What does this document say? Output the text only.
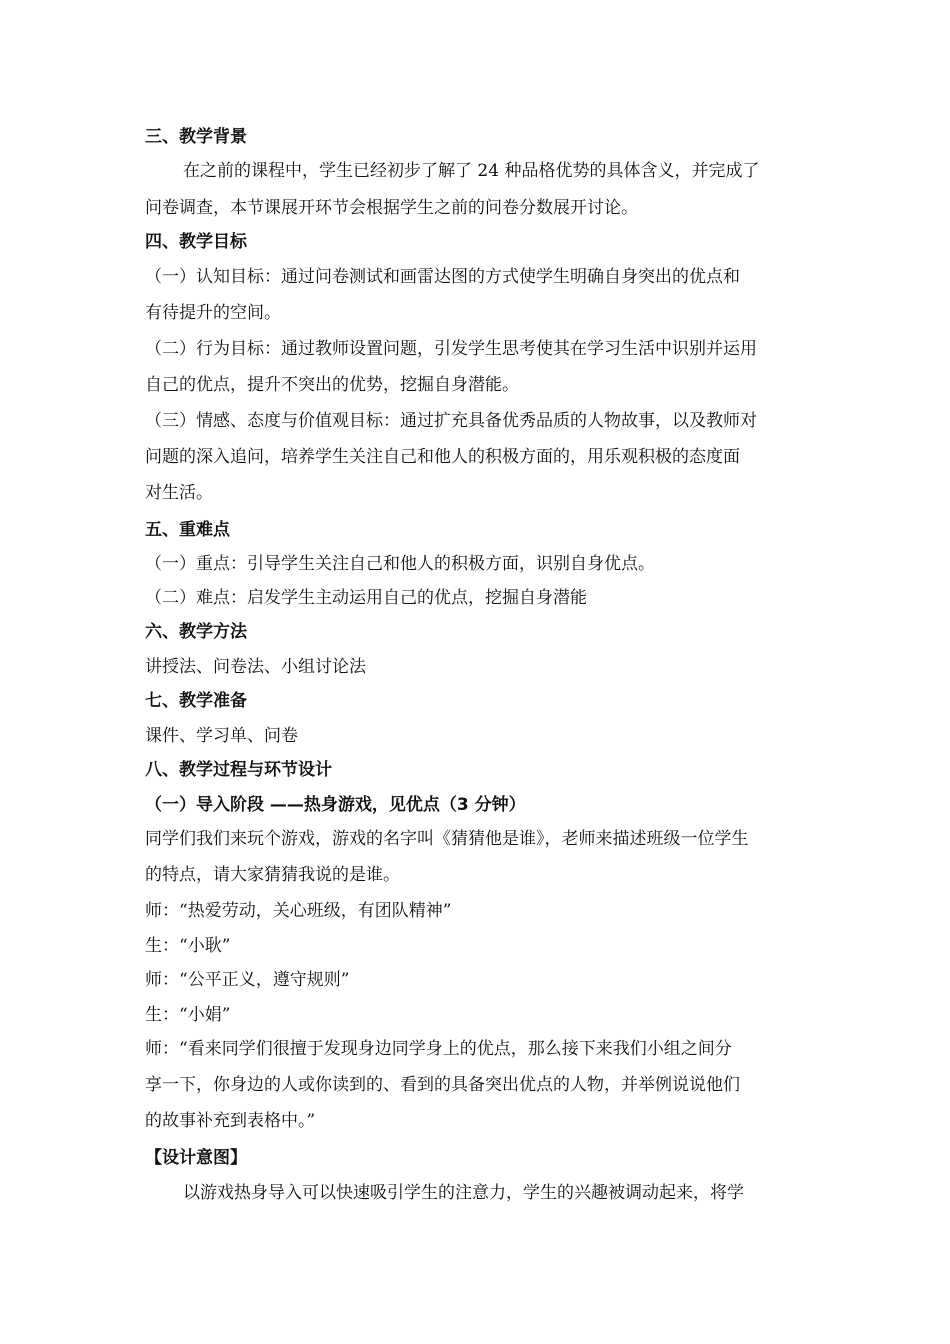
三、教学背景
在之前的课程中，学生已经初步了解了 24 种品格优势的具体含义，并完成了
问卷调查，本节课展开环节会根据学生之前的问卷分数展开讨论。
四、教学目标
（一）认知目标：通过问卷测试和画雷达图的方式使学生明确自身突出的优点和
有待提升的空间。
（二）行为目标：通过教师设置问题，引发学生思考使其在学习生活中识别并运用
自己的优点，提升不突出的优势，挖掘自身潜能。
（三）情感、态度与价值观目标：通过扩充具备优秀品质的人物故事，以及教师对
问题的深入追问，培养学生关注自己和他人的积极方面的，用乐观积极的态度面
对生活。
五、重难点
（一）重点：引导学生关注自己和他人的积极方面，识别自身优点。
（二）难点：启发学生主动运用自己的优点，挖掘自身潜能
六、教学方法
讲授法、问卷法、小组讨论法
七、教学准备
课件、学习单、问卷
八、教学过程与环节设计
（一）导入阶段 ——热身游戏，见优点（3 分钟）
同学们我们来玩个游戏，游戏的名字叫《猜猜他是谁》，老师来描述班级一位学生
的特点，请大家猜猜我说的是谁。
师：“热爱劳动，关心班级，有团队精神”
生：“小耿”
师：“公平正义，遵守规则”
生：“小娟”
师：“看来同学们很擅于发现身边同学身上的优点，那么接下来我们小组之间分
享一下，你身边的人或你读到的、看到的具备突出优点的人物，并举例说说他们
的故事补充到表格中。”
【设计意图】
以游戏热身导入可以快速吸引学生的注意力，学生的兴趣被调动起来，将学
